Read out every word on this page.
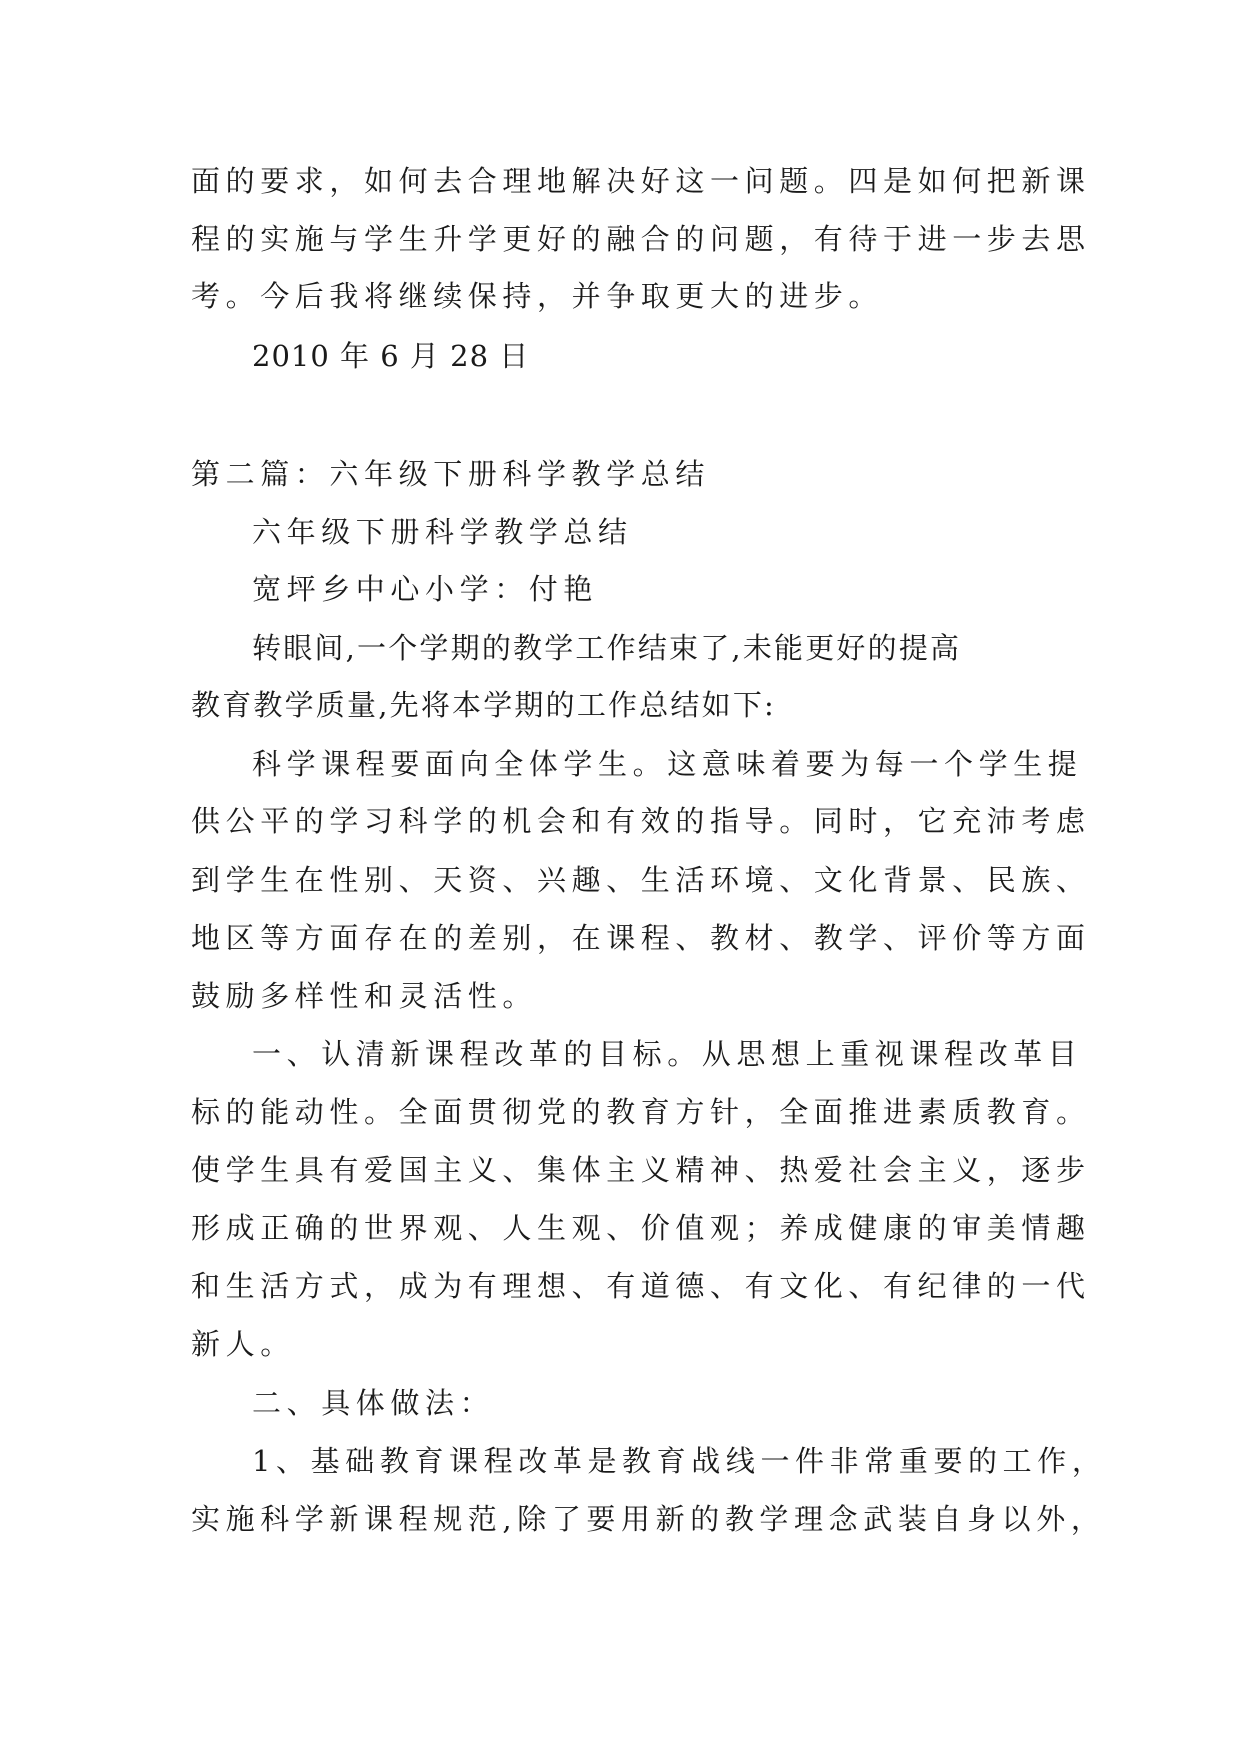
面的要求，如何去合理地解决好这一问题。四是如何把新课
程的实施与学生升学更好的融合的问题，有待于进一步去思
考。今后我将继续保持，并争取更大的进步。
2010 年 6 月 28 日
第二篇：六年级下册科学教学总结
六年级下册科学教学总结
宽坪乡中心小学：付艳
转眼间,一个学期的教学工作结束了,未能更好的提高
教育教学质量,先将本学期的工作总结如下:
科学课程要面向全体学生。这意味着要为每一个学生提
供公平的学习科学的机会和有效的指导。同时，它充沛考虑
到学生在性别、天资、兴趣、生活环境、文化背景、民族、
地区等方面存在的差别，在课程、教材、教学、评价等方面
鼓励多样性和灵活性。
一、认清新课程改革的目标。从思想上重视课程改革目
标的能动性。全面贯彻党的教育方针，全面推进素质教育。
使学生具有爱国主义、集体主义精神、热爱社会主义，逐步
形成正确的世界观、人生观、价值观；养成健康的审美情趣
和生活方式，成为有理想、有道德、有文化、有纪律的一代
新人。
二、具体做法：
1、基础教育课程改革是教育战线一件非常重要的工作，
实施科学新课程规范,除了要用新的教学理念武装自身以外，
